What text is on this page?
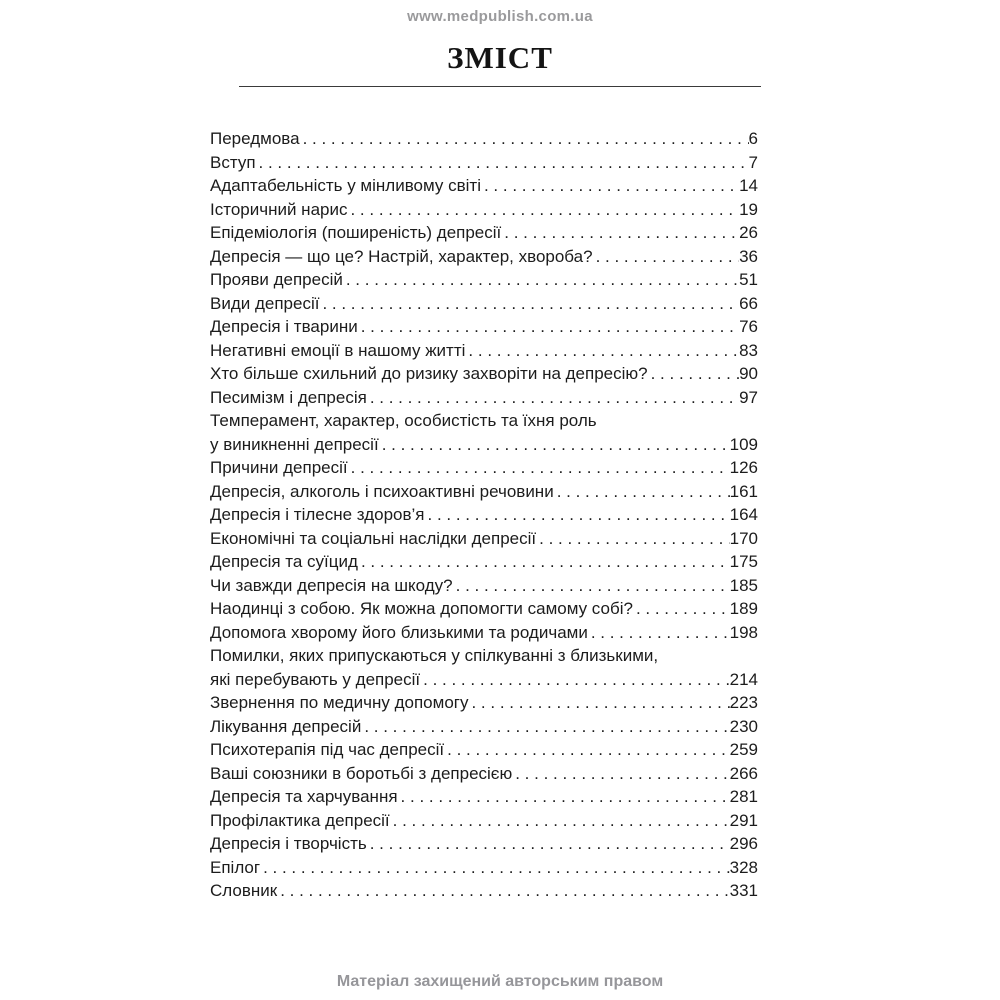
www.medpublish.com.ua
ЗМІСТ
Передмова . . .	6
Вступ . . .	7
Адаптабельність у мінливому світі . . .	14
Історичний нарис . . .	19
Епідеміологія (поширеність) депресії . . .	26
Депресія — що це? Настрій, характер, хвороба? . . .	36
Прояви депресій . . .	51
Види депресії . . .	66
Депресія і тварини . . .	76
Негативні емоції в нашому житті . . .	83
Хто більше схильний до ризику захворіти на депресію? . . .	90
Песимізм і депресія . . .	97
Темперамент, характер, особистість та їхня роль
у виникненні депресії . . .	109
Причини депресії . . .	126
Депресія, алкоголь і психоактивні речовини . . .	161
Депресія і тілесне здоров’я . . .	164
Економічні та соціальні наслідки депресії . . .	170
Депресія та суїцид . . .	175
Чи завжди депресія на шкоду? . . .	185
Наодинці з собою. Як можна допомогти самому собі? . . .	189
Допомога хворому його близькими та родичами . . .	198
Помилки, яких припускаються у спілкуванні з близькими,
які перебувають у депресії . . .	214
Звернення по медичну допомогу . . .	223
Лікування депресій . . .	230
Психотерапія під час депресії . . .	259
Ваші союзники в боротьбі з депресією . . .	266
Депресія та харчування . . .	281
Профілактика депресії . . .	291
Депресія і творчість . . .	296
Епілог . . .	328
Словник . . .	331
Матеріал захищений авторським правом
